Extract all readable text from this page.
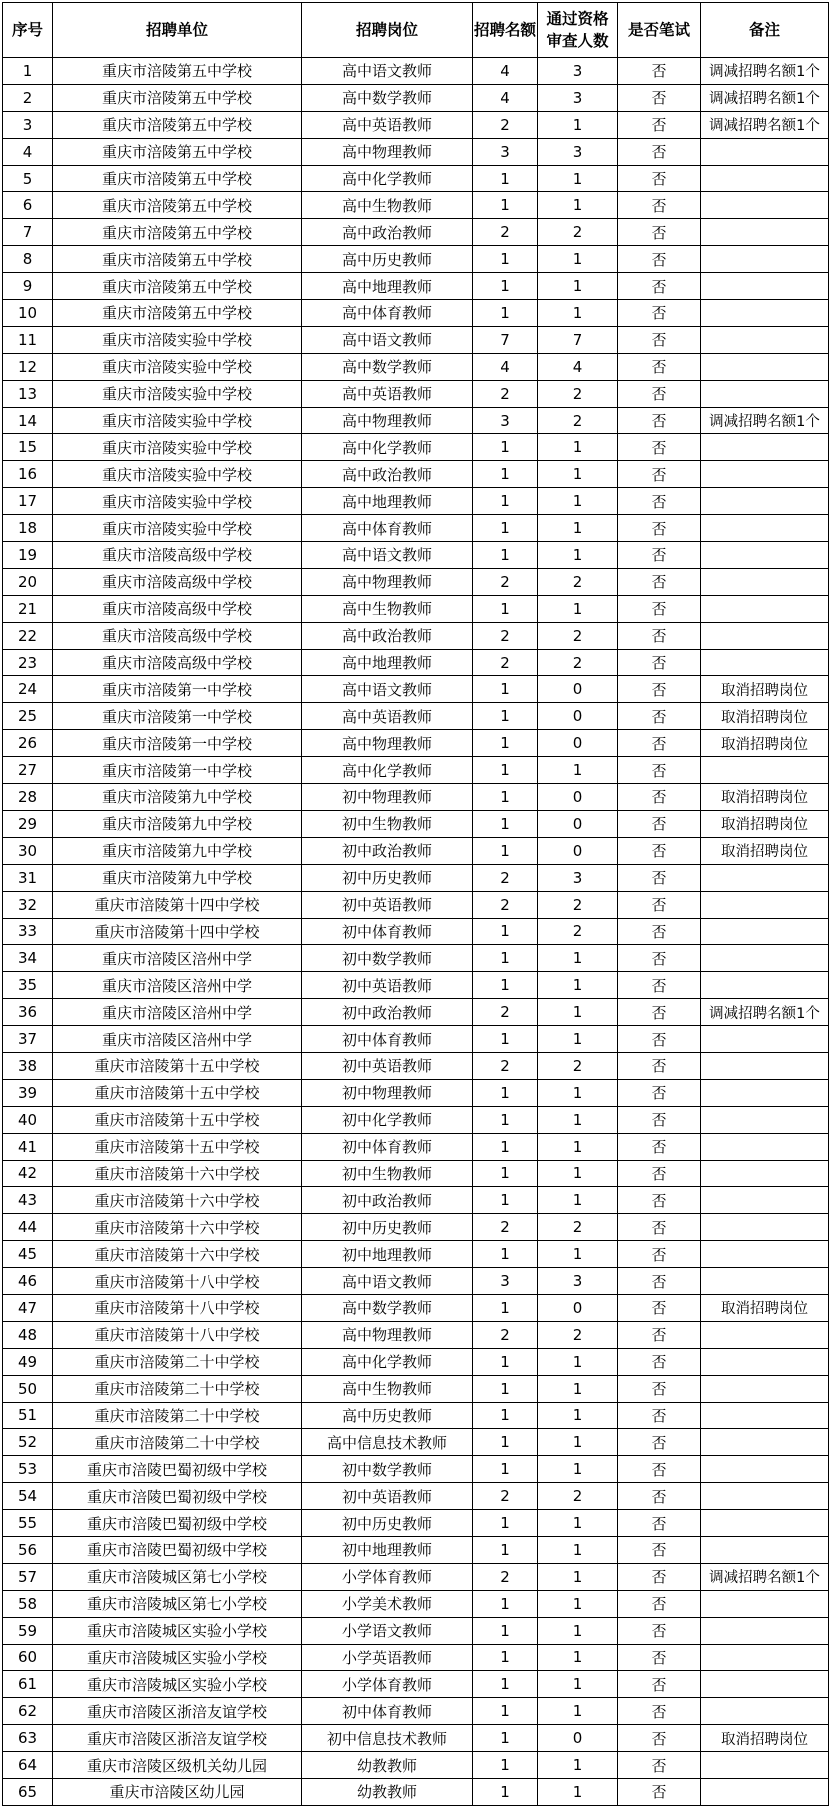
序号	招聘单位	招聘岗位	招聘名额	通过资格审查人数	是否笔试	备注
1	重庆市涪陵第五中学校	高中语文教师	4	3	否	调减招聘名额1个
2	重庆市涪陵第五中学校	高中数学教师	4	3	否	调减招聘名额1个
3	重庆市涪陵第五中学校	高中英语教师	2	1	否	调减招聘名额1个
4	重庆市涪陵第五中学校	高中物理教师	3	3	否	
5	重庆市涪陵第五中学校	高中化学教师	1	1	否	
6	重庆市涪陵第五中学校	高中生物教师	1	1	否	
7	重庆市涪陵第五中学校	高中政治教师	2	2	否	
8	重庆市涪陵第五中学校	高中历史教师	1	1	否	
9	重庆市涪陵第五中学校	高中地理教师	1	1	否	
10	重庆市涪陵第五中学校	高中体育教师	1	1	否	
11	重庆市涪陵实验中学校	高中语文教师	7	7	否	
12	重庆市涪陵实验中学校	高中数学教师	4	4	否	
13	重庆市涪陵实验中学校	高中英语教师	2	2	否	
14	重庆市涪陵实验中学校	高中物理教师	3	2	否	调减招聘名额1个
15	重庆市涪陵实验中学校	高中化学教师	1	1	否	
16	重庆市涪陵实验中学校	高中政治教师	1	1	否	
17	重庆市涪陵实验中学校	高中地理教师	1	1	否	
18	重庆市涪陵实验中学校	高中体育教师	1	1	否	
19	重庆市涪陵高级中学校	高中语文教师	1	1	否	
20	重庆市涪陵高级中学校	高中物理教师	2	2	否	
21	重庆市涪陵高级中学校	高中生物教师	1	1	否	
22	重庆市涪陵高级中学校	高中政治教师	2	2	否	
23	重庆市涪陵高级中学校	高中地理教师	2	2	否	
24	重庆市涪陵第一中学校	高中语文教师	1	0	否	取消招聘岗位
25	重庆市涪陵第一中学校	高中英语教师	1	0	否	取消招聘岗位
26	重庆市涪陵第一中学校	高中物理教师	1	0	否	取消招聘岗位
27	重庆市涪陵第一中学校	高中化学教师	1	1	否	
28	重庆市涪陵第九中学校	初中物理教师	1	0	否	取消招聘岗位
29	重庆市涪陵第九中学校	初中生物教师	1	0	否	取消招聘岗位
30	重庆市涪陵第九中学校	初中政治教师	1	0	否	取消招聘岗位
31	重庆市涪陵第九中学校	初中历史教师	2	3	否	
32	重庆市涪陵第十四中学校	初中英语教师	2	2	否	
33	重庆市涪陵第十四中学校	初中体育教师	1	2	否	
34	重庆市涪陵区涪州中学	初中数学教师	1	1	否	
35	重庆市涪陵区涪州中学	初中英语教师	1	1	否	
36	重庆市涪陵区涪州中学	初中政治教师	2	1	否	调减招聘名额1个
37	重庆市涪陵区涪州中学	初中体育教师	1	1	否	
38	重庆市涪陵第十五中学校	初中英语教师	2	2	否	
39	重庆市涪陵第十五中学校	初中物理教师	1	1	否	
40	重庆市涪陵第十五中学校	初中化学教师	1	1	否	
41	重庆市涪陵第十五中学校	初中体育教师	1	1	否	
42	重庆市涪陵第十六中学校	初中生物教师	1	1	否	
43	重庆市涪陵第十六中学校	初中政治教师	1	1	否	
44	重庆市涪陵第十六中学校	初中历史教师	2	2	否	
45	重庆市涪陵第十六中学校	初中地理教师	1	1	否	
46	重庆市涪陵第十八中学校	高中语文教师	3	3	否	
47	重庆市涪陵第十八中学校	高中数学教师	1	0	否	取消招聘岗位
48	重庆市涪陵第十八中学校	高中物理教师	2	2	否	
49	重庆市涪陵第二十中学校	高中化学教师	1	1	否	
50	重庆市涪陵第二十中学校	高中生物教师	1	1	否	
51	重庆市涪陵第二十中学校	高中历史教师	1	1	否	
52	重庆市涪陵第二十中学校	高中信息技术教师	1	1	否	
53	重庆市涪陵巴蜀初级中学校	初中数学教师	1	1	否	
54	重庆市涪陵巴蜀初级中学校	初中英语教师	2	2	否	
55	重庆市涪陵巴蜀初级中学校	初中历史教师	1	1	否	
56	重庆市涪陵巴蜀初级中学校	初中地理教师	1	1	否	
57	重庆市涪陵城区第七小学校	小学体育教师	2	1	否	调减招聘名额1个
58	重庆市涪陵城区第七小学校	小学美术教师	1	1	否	
59	重庆市涪陵城区实验小学校	小学语文教师	1	1	否	
60	重庆市涪陵城区实验小学校	小学英语教师	1	1	否	
61	重庆市涪陵城区实验小学校	小学体育教师	1	1	否	
62	重庆市涪陵区浙涪友谊学校	初中体育教师	1	1	否	
63	重庆市涪陵区浙涪友谊学校	初中信息技术教师	1	0	否	取消招聘岗位
64	重庆市涪陵区级机关幼儿园	幼教教师	1	1	否	
65	重庆市涪陵区幼儿园	幼教教师	1	1	否	
